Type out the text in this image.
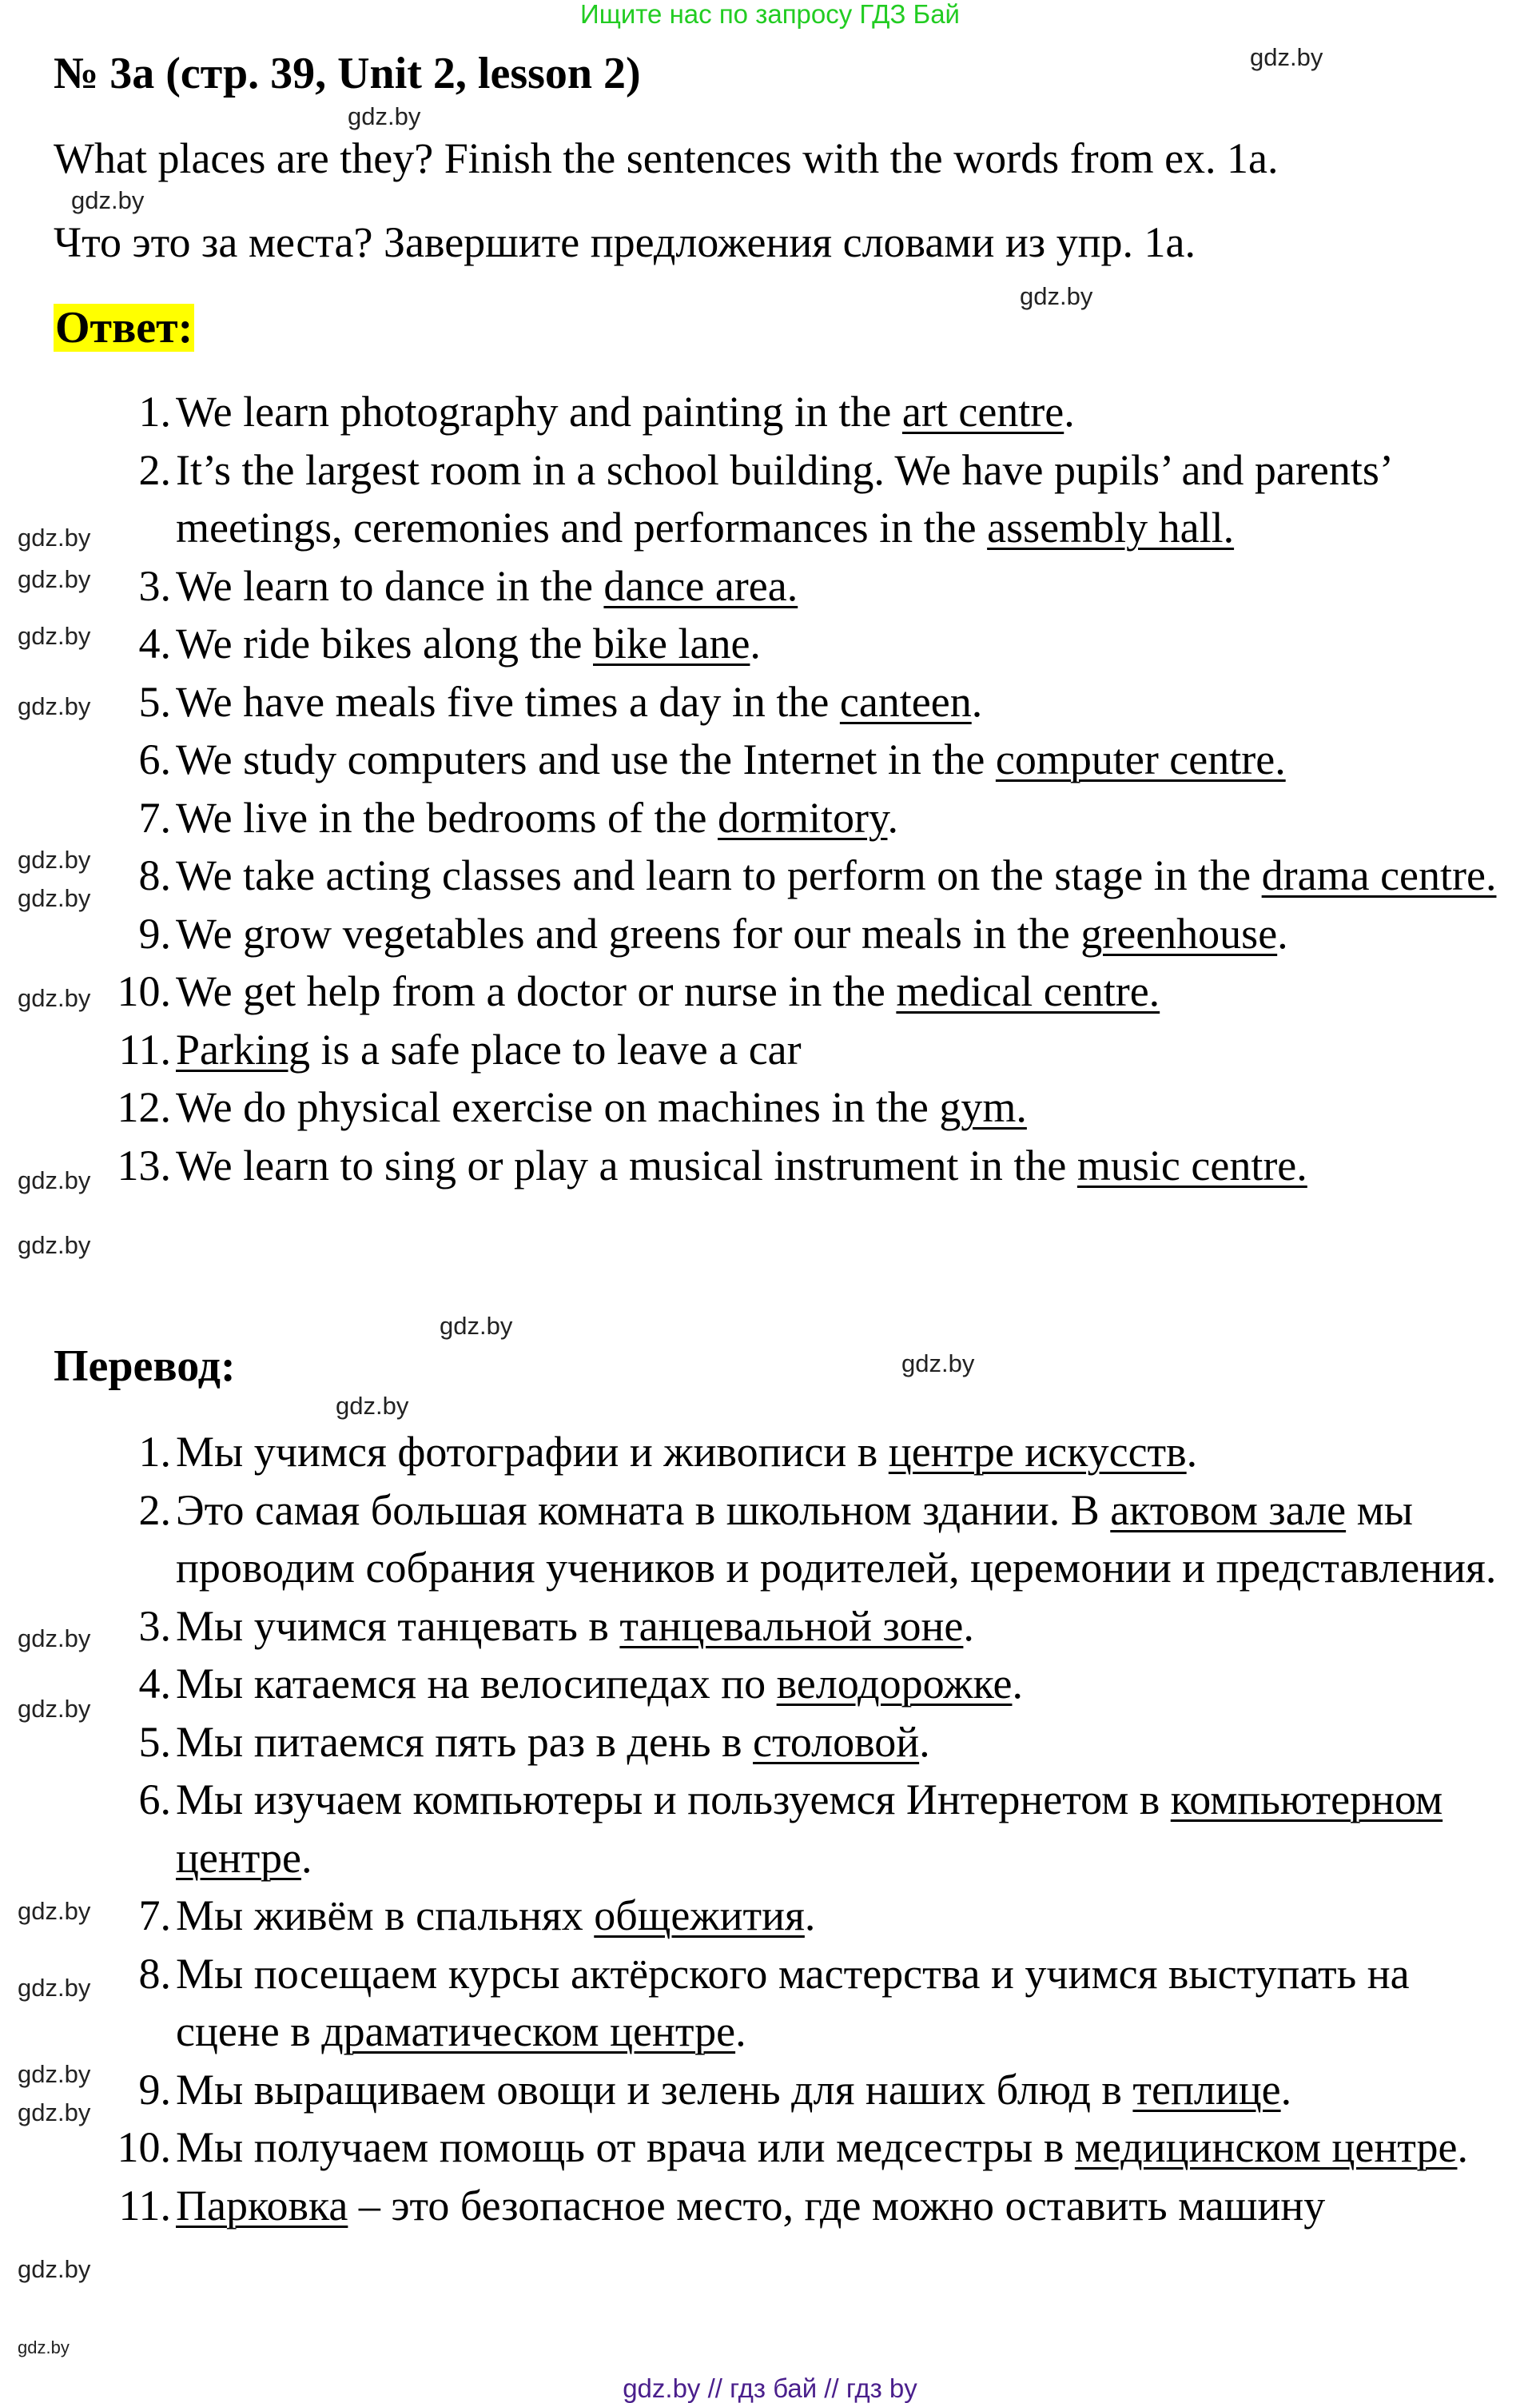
Ищите нас по запросу ГДЗ Бай
№ 3a (стр. 39, Unit 2, lesson 2)
What places are they? Finish the sentences with the words from ex. 1a.
Что это за места? Завершите предложения словами из упр. 1a.
Ответ:
1. We learn photography and painting in the art centre.
2. It’s the largest room in a school building. We have pupils’ and parents’ meetings, ceremonies and performances in the assembly hall.
3. We learn to dance in the dance area.
4. We ride bikes along the bike lane.
5. We have meals five times a day in the canteen.
6. We study computers and use the Internet in the computer centre.
7. We live in the bedrooms of the dormitory.
8. We take acting classes and learn to perform on the stage in the drama centre.
9. We grow vegetables and greens for our meals in the greenhouse.
10. We get help from a doctor or nurse in the medical centre.
11. Parking is a safe place to leave a car
12. We do physical exercise on machines in the gym.
13. We learn to sing or play a musical instrument in the music centre.
Перевод:
1. Мы учимся фотографии и живописи в центре искусств.
2. Это самая большая комната в школьном здании. В актовом зале мы проводим собрания учеников и родителей, церемонии и представления.
3. Мы учимся танцевать в танцевальной зоне.
4. Мы катаемся на велосипедах по велодорожке.
5. Мы питаемся пять раз в день в столовой.
6. Мы изучаем компьютеры и пользуемся Интернетом в компьютерном центре.
7. Мы живём в спальнях общежития.
8. Мы посещаем курсы актёрского мастерства и учимся выступать на сцене в драматическом центре.
9. Мы выращиваем овощи и зелень для наших блюд в теплице.
10. Мы получаем помощь от врача или медсестры в медицинском центре.
11. Парковка – это безопасное место, где можно оставить машину
gdz.by
gdz.by
gdz.by
gdz.by
gdz.by
gdz.by
gdz.by
gdz.by
gdz.by
gdz.by
gdz.by
gdz.by
gdz.by
gdz.by
gdz.by
gdz.by
gdz.by
gdz.by
gdz.by
gdz.by
gdz.by
gdz.by
gdz.by
gdz.by
gdz.by // гдз бай // гдз by
